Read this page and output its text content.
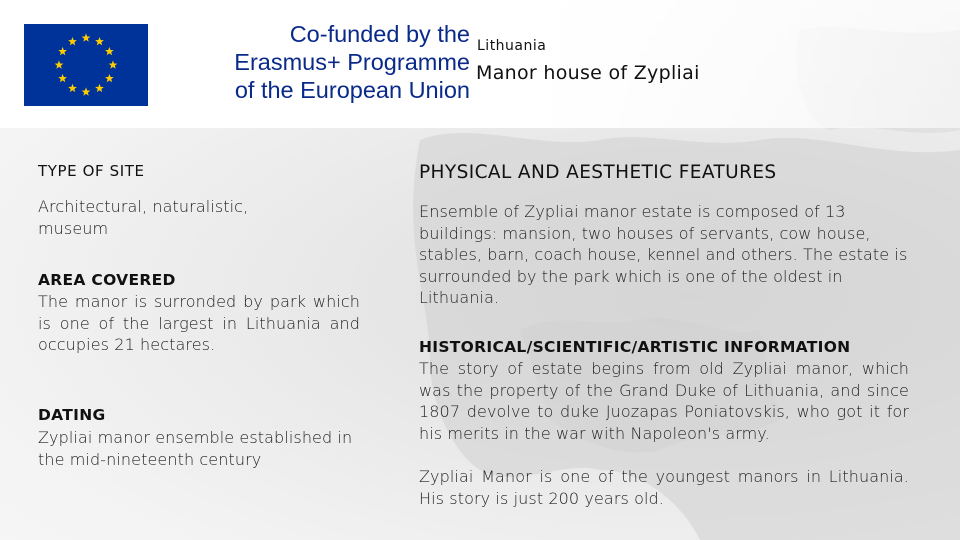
Co-funded by the
Erasmus+ Programme
of the European Union
Lithuania
Manor house of Zypliai
TYPE OF SITE
Architectural, naturalistic, museum
AREA COVERED
The manor is surronded by park which is one of the largest in Lithuania and occupies 21 hectares.
DATING
Zypliai manor ensemble established in the mid-nineteenth century
PHYSICAL AND AESTHETIC FEATURES
Ensemble of Zypliai manor estate is composed of 13 buildings: mansion, two houses of servants, cow house, stables, barn, coach house, kennel and others. The estate is surrounded by the park which is one of the oldest in Lithuania.
HISTORICAL/SCIENTIFIC/ARTISTIC INFORMATION
The story of estate begins from old Zypliai manor, which was the property of the Grand Duke of Lithuania, and since 1807 devolve to duke Juozapas Poniatovskis, who got it for his merits in the war with Napoleon's army.
Zypliai Manor is one of the youngest manors in Lithuania. His story is just 200 years old.
